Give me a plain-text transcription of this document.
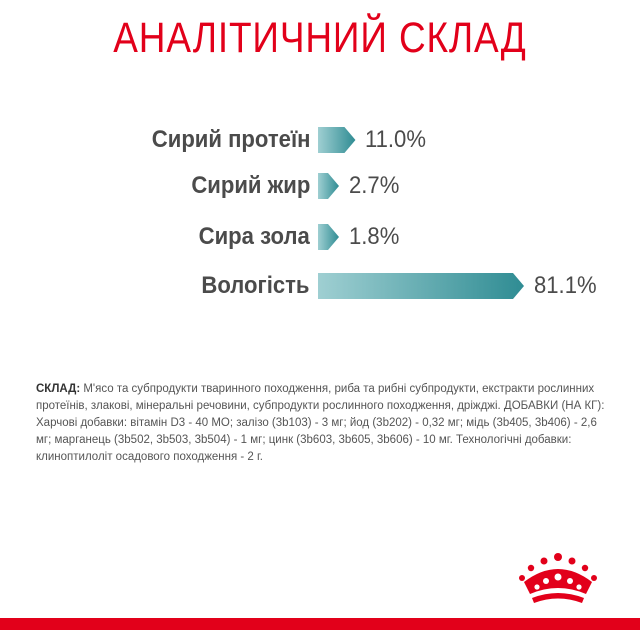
АНАЛІТИЧНИЙ СКЛАД
Сирий протеїн 11.0%
Сирий жир 2.7%
Сира зола 1.8%
Вологість	81.1%
СКЛАД: М'ясо та субпродукти тваринного походження, риба та рибні субпродукти, екстракти рослинних протеїнів, злакові, мінеральні речовини, субпродукти рослинного походження, дріжджі. ДОБАВКИ (НА КГ): Харчові добавки: вітамін D3 - 40 МО; залізо (3b103) - 3 мг; йод (3b202) - 0,32 мг; мідь (3b405, 3b406) - 2,6 мг; марганець (3b502, 3b503, 3b504) - 1 мг; цинк (3b603, 3b605, 3b606) - 10 мг. Технологічні добавки: клиноптилоліт осадового походження - 2 г.
